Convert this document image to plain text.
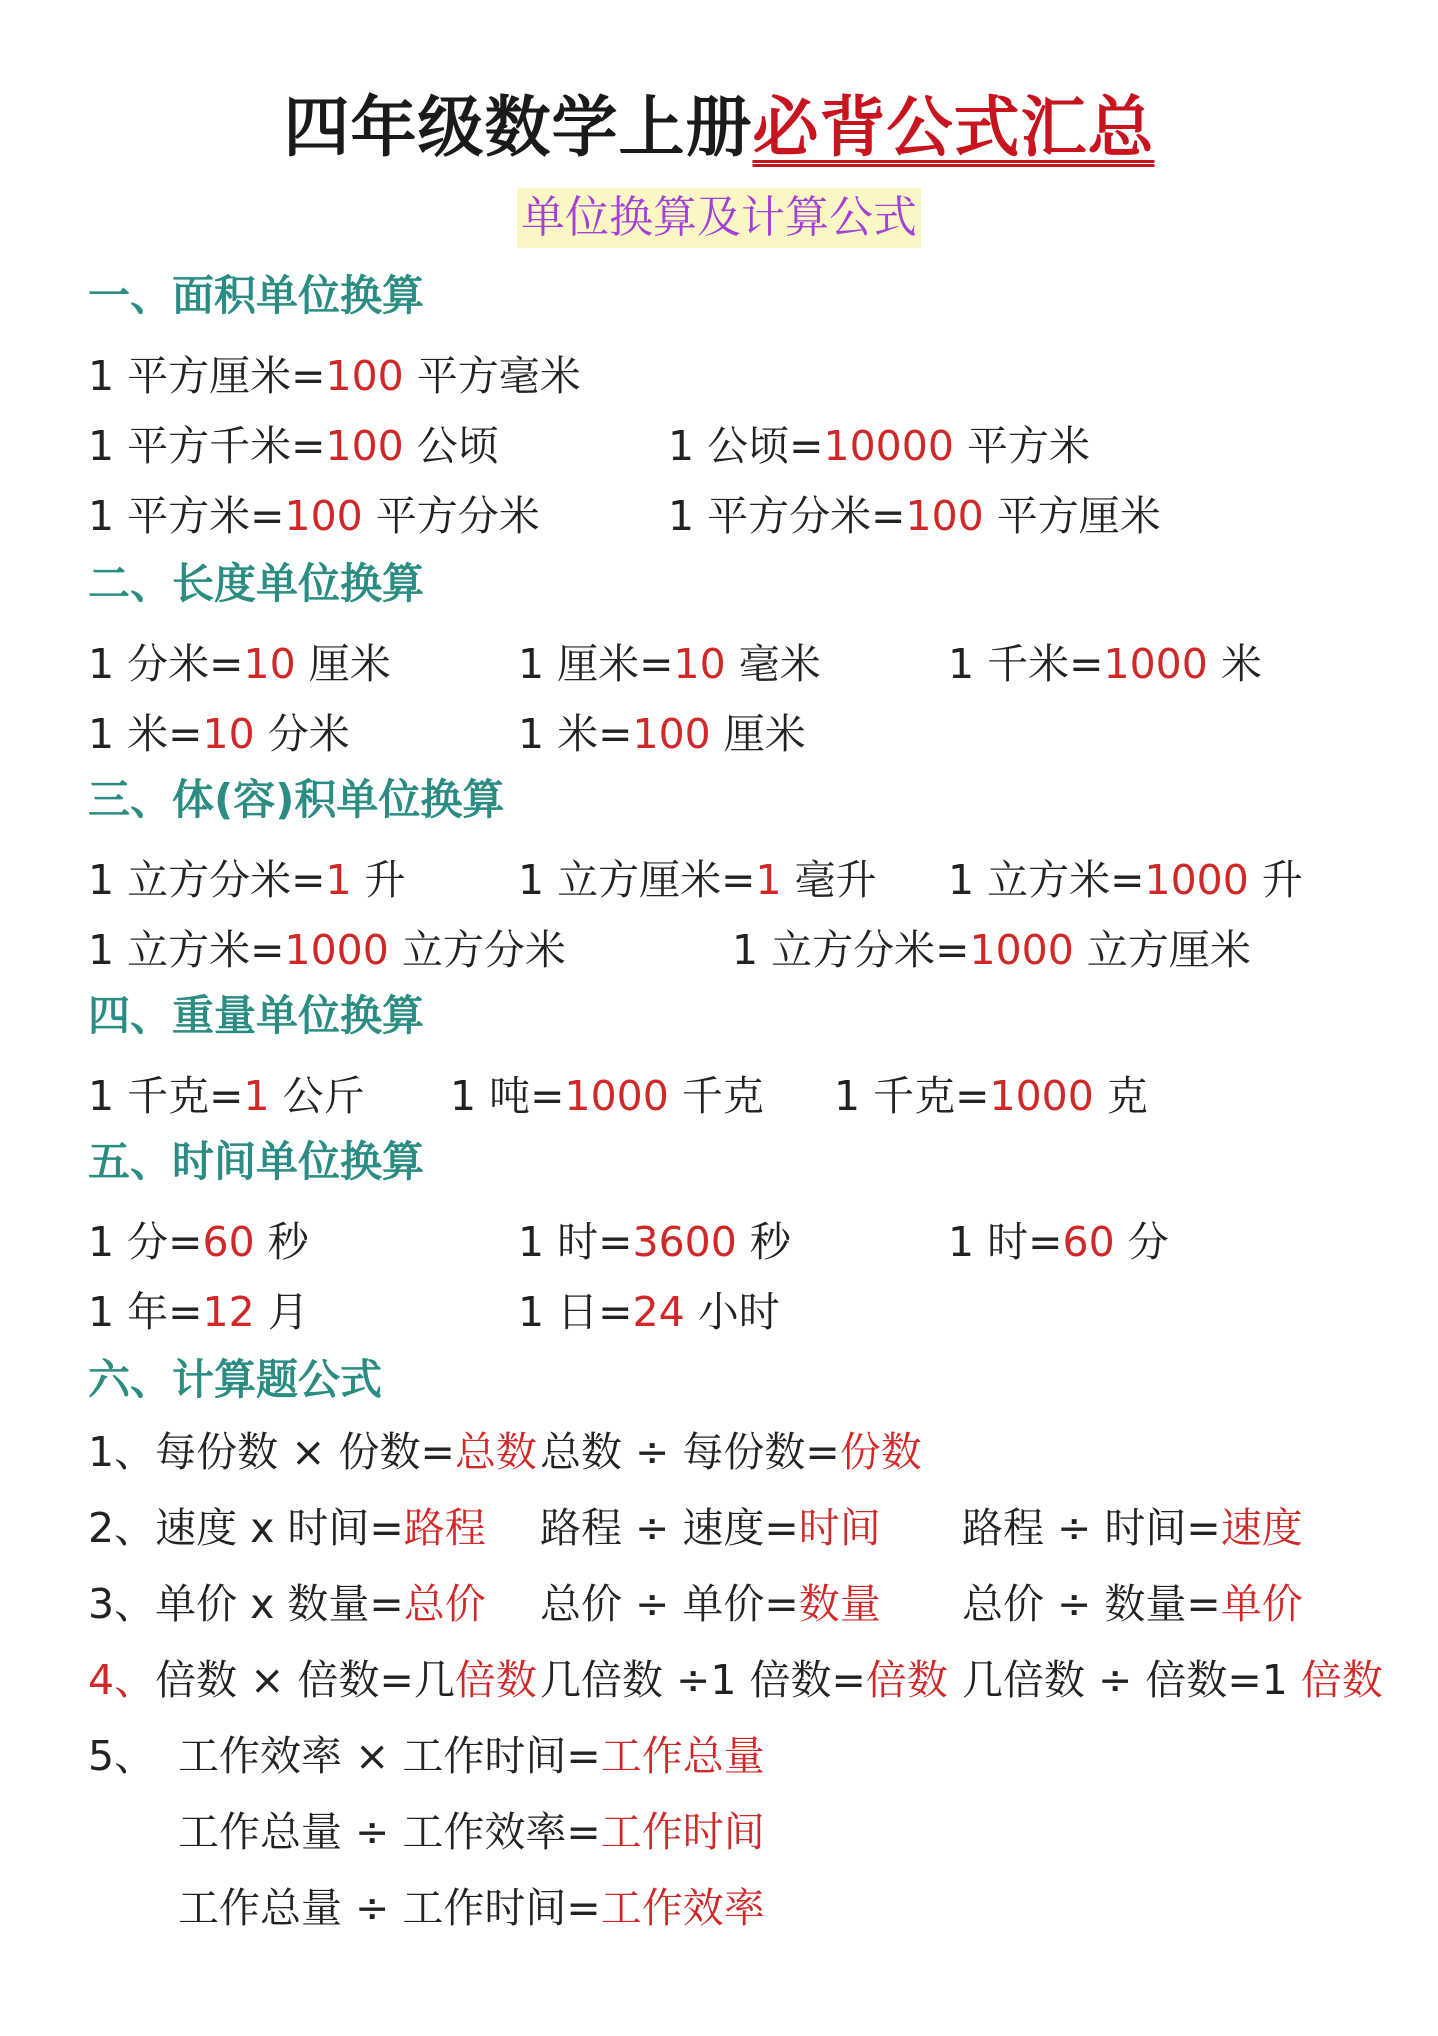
四年级数学上册必背公式汇总
单位换算及计算公式
一、面积单位换算
1 平方厘米=100 平方毫米
1 平方千米=100 公顷	1 公顷=10000 平方米
1 平方米=100 平方分米	1 平方分米=100 平方厘米
二、长度单位换算
1 分米=10 厘米	1 厘米=10 毫米	1 千米=1000 米
1 米=10 分米	1 米=100 厘米
三、体(容)积单位换算
1 立方分米=1 升	1 立方厘米=1 毫升 1 立方米=1000 升
1 立方米=1000 立方分米	1 立方分米=1000 立方厘米
四、重量单位换算
1 千克=1 公斤 1 吨=1000 千克 1 千克=1000 克
五、时间单位换算
1 分=60 秒	1 时=3600 秒	1 时=60 分
1 年=12 月	1 日=24 小时
六、计算题公式
1、每份数 × 份数=总数 总数 ÷ 每份数=份数
2、速度 x 时间=路程 路程 ÷ 速度=时间 路程 ÷ 时间=速度
3、单价 x 数量=总价 总价 ÷ 单价=数量 总价 ÷ 数量=单价
4、倍数 × 倍数=几倍数 几倍数 ÷1 倍数=倍数 几倍数 ÷ 倍数=1 倍数
5、 工作效率 × 工作时间=工作总量
工作总量 ÷ 工作效率=工作时间
工作总量 ÷ 工作时间=工作效率
